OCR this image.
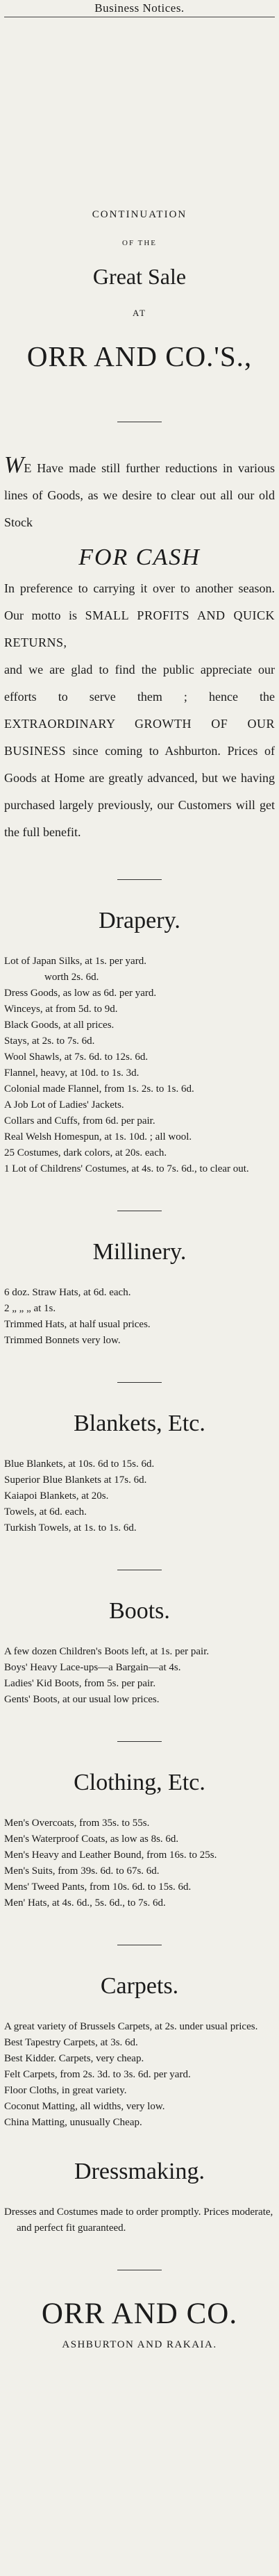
Business Notices.
CONTINUATION
OF THE
Great Sale
AT
ORR AND CO.'S.,
WE Have made still further reductions in various lines of Goods, as we desire to clear out all our old Stock
FOR CASH
In preference to carrying it over to another season. Our motto is SMALL PROFITS AND QUICK RETURNS,
and we are glad to find the public appreciate our efforts to serve them ; hence the EXTRAORDINARY GROWTH OF OUR BUSINESS since coming to Ashburton. Prices of Goods at Home are greatly advanced, but we having purchased largely previously, our Customers will get the full benefit.
Drapery.
Lot of Japan Silks, at 1s. per yard.
worth 2s. 6d.
Dress Goods, as low as 6d. per yard.
Winceys, at from 5d. to 9d.
Black Goods, at all prices.
Stays, at 2s. to 7s. 6d.
Wool Shawls, at 7s. 6d. to 12s. 6d.
Flannel, heavy, at 10d. to 1s. 3d.
Colonial made Flannel, from 1s. 2s. to 1s. 6d.
A Job Lot of Ladies' Jackets.
Collars and Cuffs, from 6d. per pair.
Real Welsh Homespun, at 1s. 10d. ; all wool.
25 Costumes, dark colors, at 20s. each.
1 Lot of Childrens' Costumes, at 4s. to 7s. 6d., to clear out.
Millinery.
6 doz. Straw Hats, at 6d. each.
2 „ „ „ at 1s.
Trimmed Hats, at half usual prices.
Trimmed Bonnets very low.
Blankets, Etc.
Blue Blankets, at 10s. 6d to 15s. 6d.
Superior Blue Blankets at 17s. 6d.
Kaiapoi Blankets, at 20s.
Towels, at 6d. each.
Turkish Towels, at 1s. to 1s. 6d.
Boots.
A few dozen Children's Boots left, at 1s. per pair.
Boys' Heavy Lace-ups—a Bargain—at 4s.
Ladies' Kid Boots, from 5s. per pair.
Gents' Boots, at our usual low prices.
Clothing, Etc.
Men's Overcoats, from 35s. to 55s.
Men's Waterproof Coats, as low as 8s. 6d.
Men's Heavy and Leather Bound, from 16s. to 25s.
Men's Suits, from 39s. 6d. to 67s. 6d.
Mens' Tweed Pants, from 10s. 6d. to 15s. 6d.
Men' Hats, at 4s. 6d., 5s. 6d., to 7s. 6d.
Carpets.
A great variety of Brussels Carpets, at 2s. under usual prices.
Best Tapestry Carpets, at 3s. 6d.
Best Kidder. Carpets, very cheap.
Felt Carpets, from 2s. 3d. to 3s. 6d. per yard.
Floor Cloths, in great variety.
Coconut Matting, all widths, very low.
China Matting, unusually Cheap.
Dressmaking.
Dresses and Costumes made to order promptly. Prices moderate, and perfect fit guaranteed.
ORR AND CO.
ASHBURTON AND RAKAIA.
